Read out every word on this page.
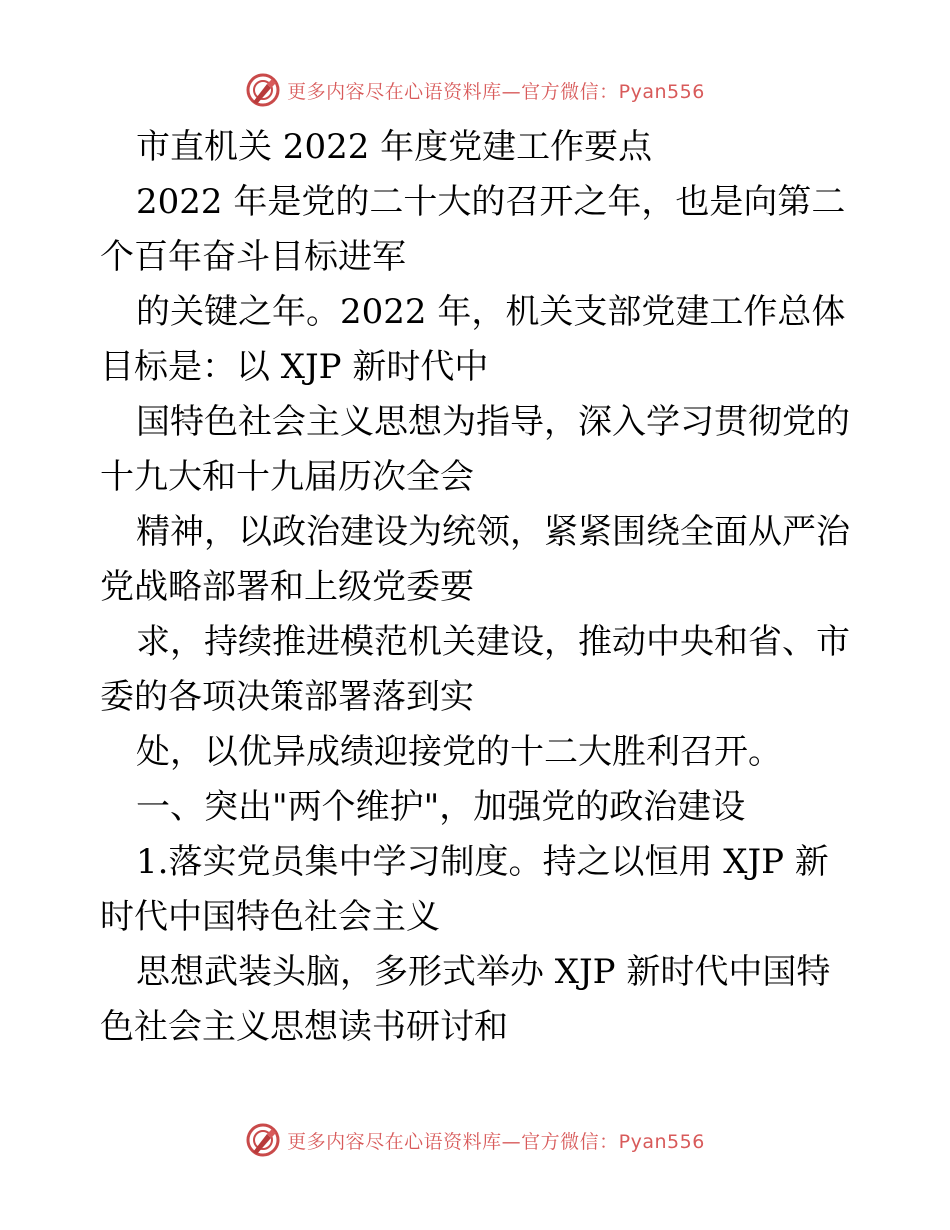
更多内容尽在心语资料库—官方微信：Pyan556
市直机关 2022 年度党建工作要点
2022 年是党的二十大的召开之年，也是向第二
个百年奋斗目标进军
的关键之年。2022 年，机关支部党建工作总体
目标是：以 XJP 新时代中
国特色社会主义思想为指导，深入学习贯彻党的
十九大和十九届历次全会
精神，以政治建设为统领，紧紧围绕全面从严治
党战略部署和上级党委要
求，持续推进模范机关建设，推动中央和省、市
委的各项决策部署落到实
处，以优异成绩迎接党的十二大胜利召开。
一、突出"两个维护"，加强党的政治建设
1.落实党员集中学习制度。持之以恒用 XJP 新
时代中国特色社会主义
思想武装头脑，多形式举办 XJP 新时代中国特
色社会主义思想读书研讨和
更多内容尽在心语资料库—官方微信：Pyan556
